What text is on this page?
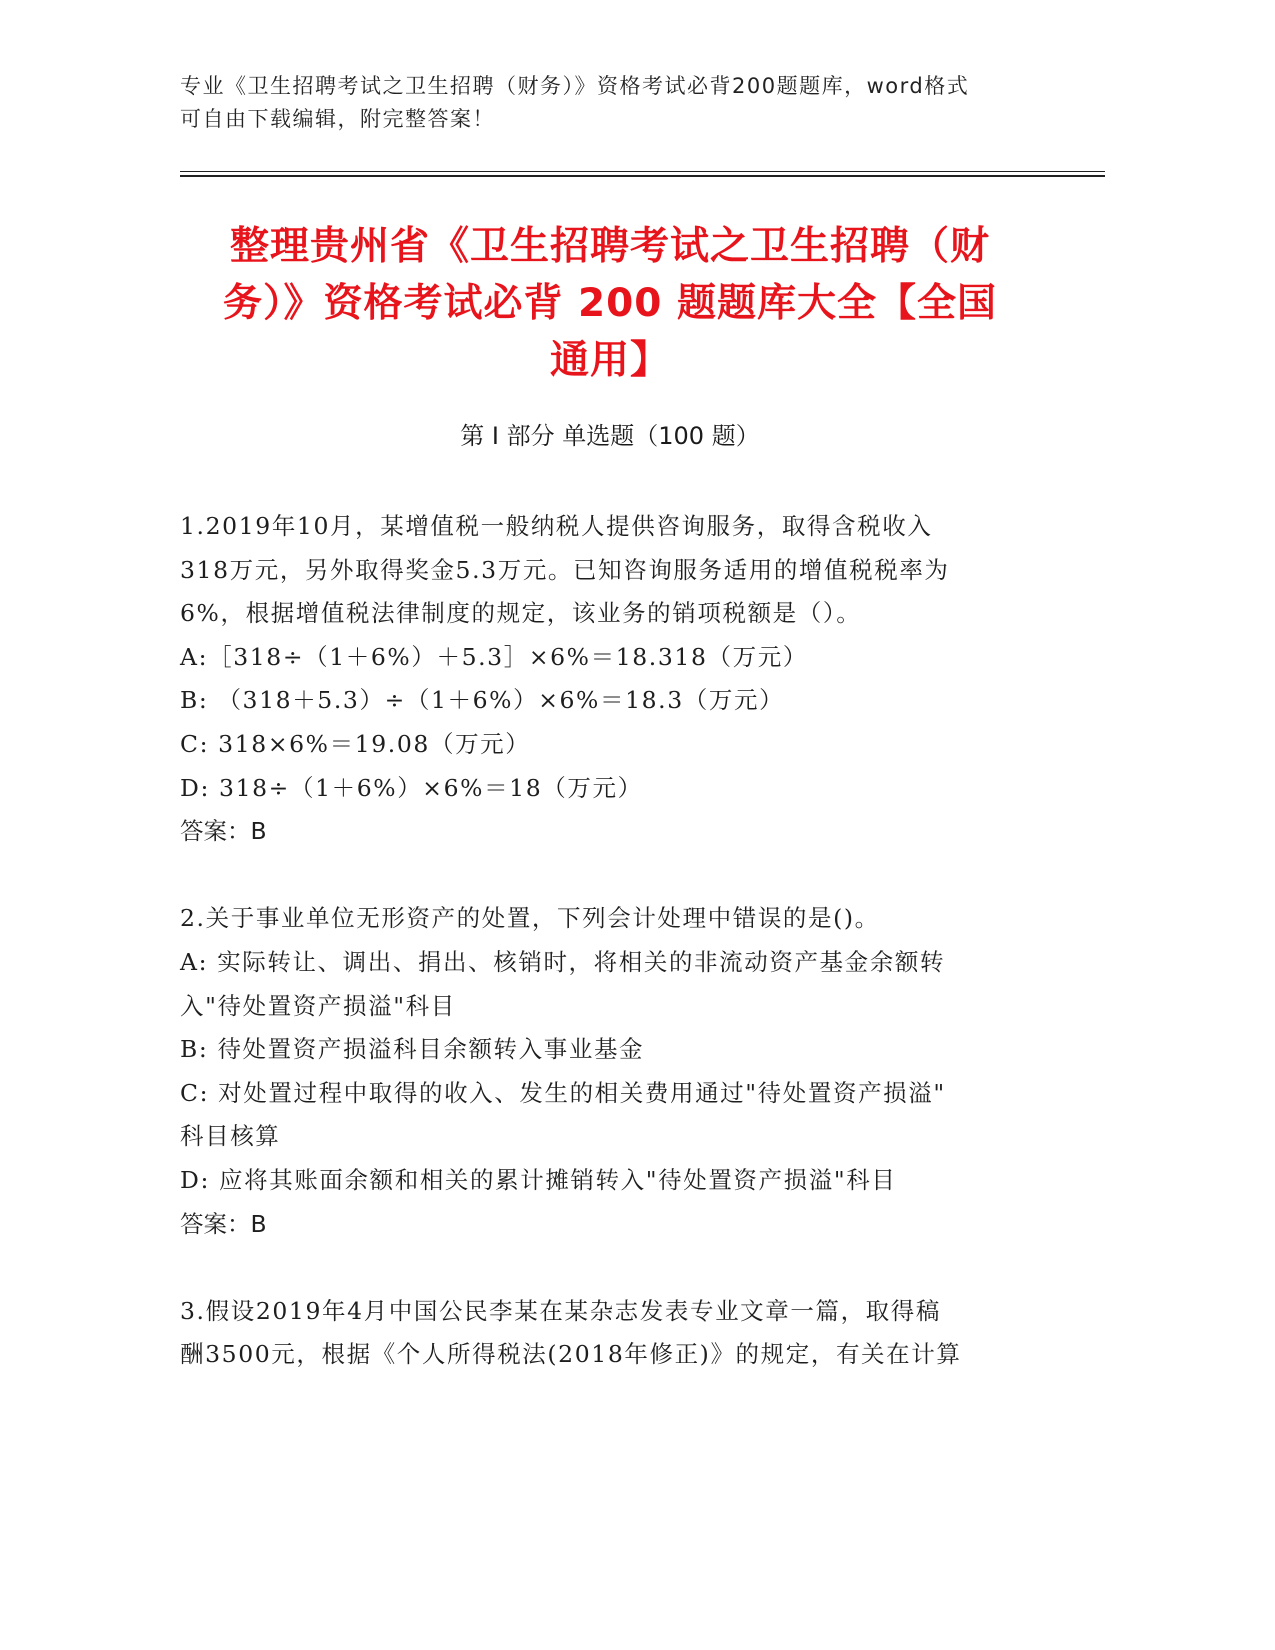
专业《卫生招聘考试之卫生招聘（财务）》资格考试必背200题题库，word格式
可自由下载编辑，附完整答案！
整理贵州省《卫生招聘考试之卫生招聘（财
务）》资格考试必背 200 题题库大全【全国
通用】
第 I 部分 单选题（100 题）

1.2019年10月，某增值税一般纳税人提供咨询服务，取得含税收入

318万元，另外取得奖金5.3万元。已知咨询服务适用的增值税税率为

6%，根据增值税法律制度的规定，该业务的销项税额是（）。

A:［318÷（1＋6%）＋5.3］×6%＝18.318（万元）

B: （318＋5.3）÷（1＋6%）×6%＝18.3（万元）

C: 318×6%＝19.08（万元）

D: 318÷（1＋6%）×6%＝18（万元）

答案：B

2.关于事业单位无形资产的处置，下列会计处理中错误的是()。

A: 实际转让、调出、捐出、核销时，将相关的非流动资产基金余额转

入"待处置资产损溢"科目

B: 待处置资产损溢科目余额转入事业基金

C: 对处置过程中取得的收入、发生的相关费用通过"待处置资产损溢"

科目核算

D: 应将其账面余额和相关的累计摊销转入"待处置资产损溢"科目

答案：B

3.假设2019年4月中国公民李某在某杂志发表专业文章一篇，取得稿

酬3500元，根据《个人所得税法(2018年修正)》的规定，有关在计算
